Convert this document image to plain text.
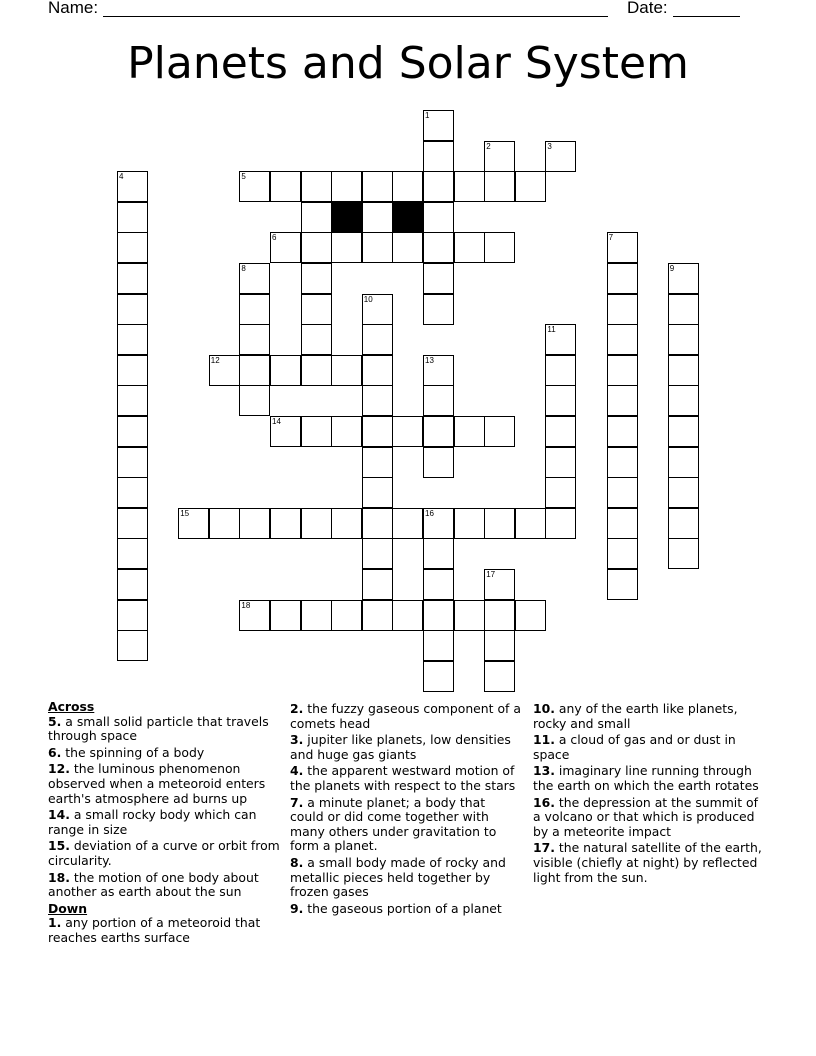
Name:	Date:
Planets and Solar System
1
2	3
4	5
6	7
8	9
10
11
12	13
14
15	16
17
18
Across
5. a small solid particle that travels through space
6. the spinning of a body
12. the luminous phenomenon observed when a meteoroid enters earth's atmosphere ad burns up
14. a small rocky body which can range in size
15. deviation of a curve or orbit from circularity.
18. the motion of one body about another as earth about the sun
Down
1. any portion of a meteoroid that reaches earths surface
2. the fuzzy gaseous component of a comets head
3. jupiter like planets, low densities and huge gas giants
4. the apparent westward motion of the planets with respect to the stars
7. a minute planet; a body that could or did come together with many others under gravitation to form a planet.
8. a small body made of rocky and metallic pieces held together by frozen gases
9. the gaseous portion of a planet
10. any of the earth like planets, rocky and small
11. a cloud of gas and or dust in space
13. imaginary line running through the earth on which the earth rotates
16. the depression at the summit of a volcano or that which is produced by a meteorite impact
17. the natural satellite of the earth, visible (chiefly at night) by reflected light from the sun.
